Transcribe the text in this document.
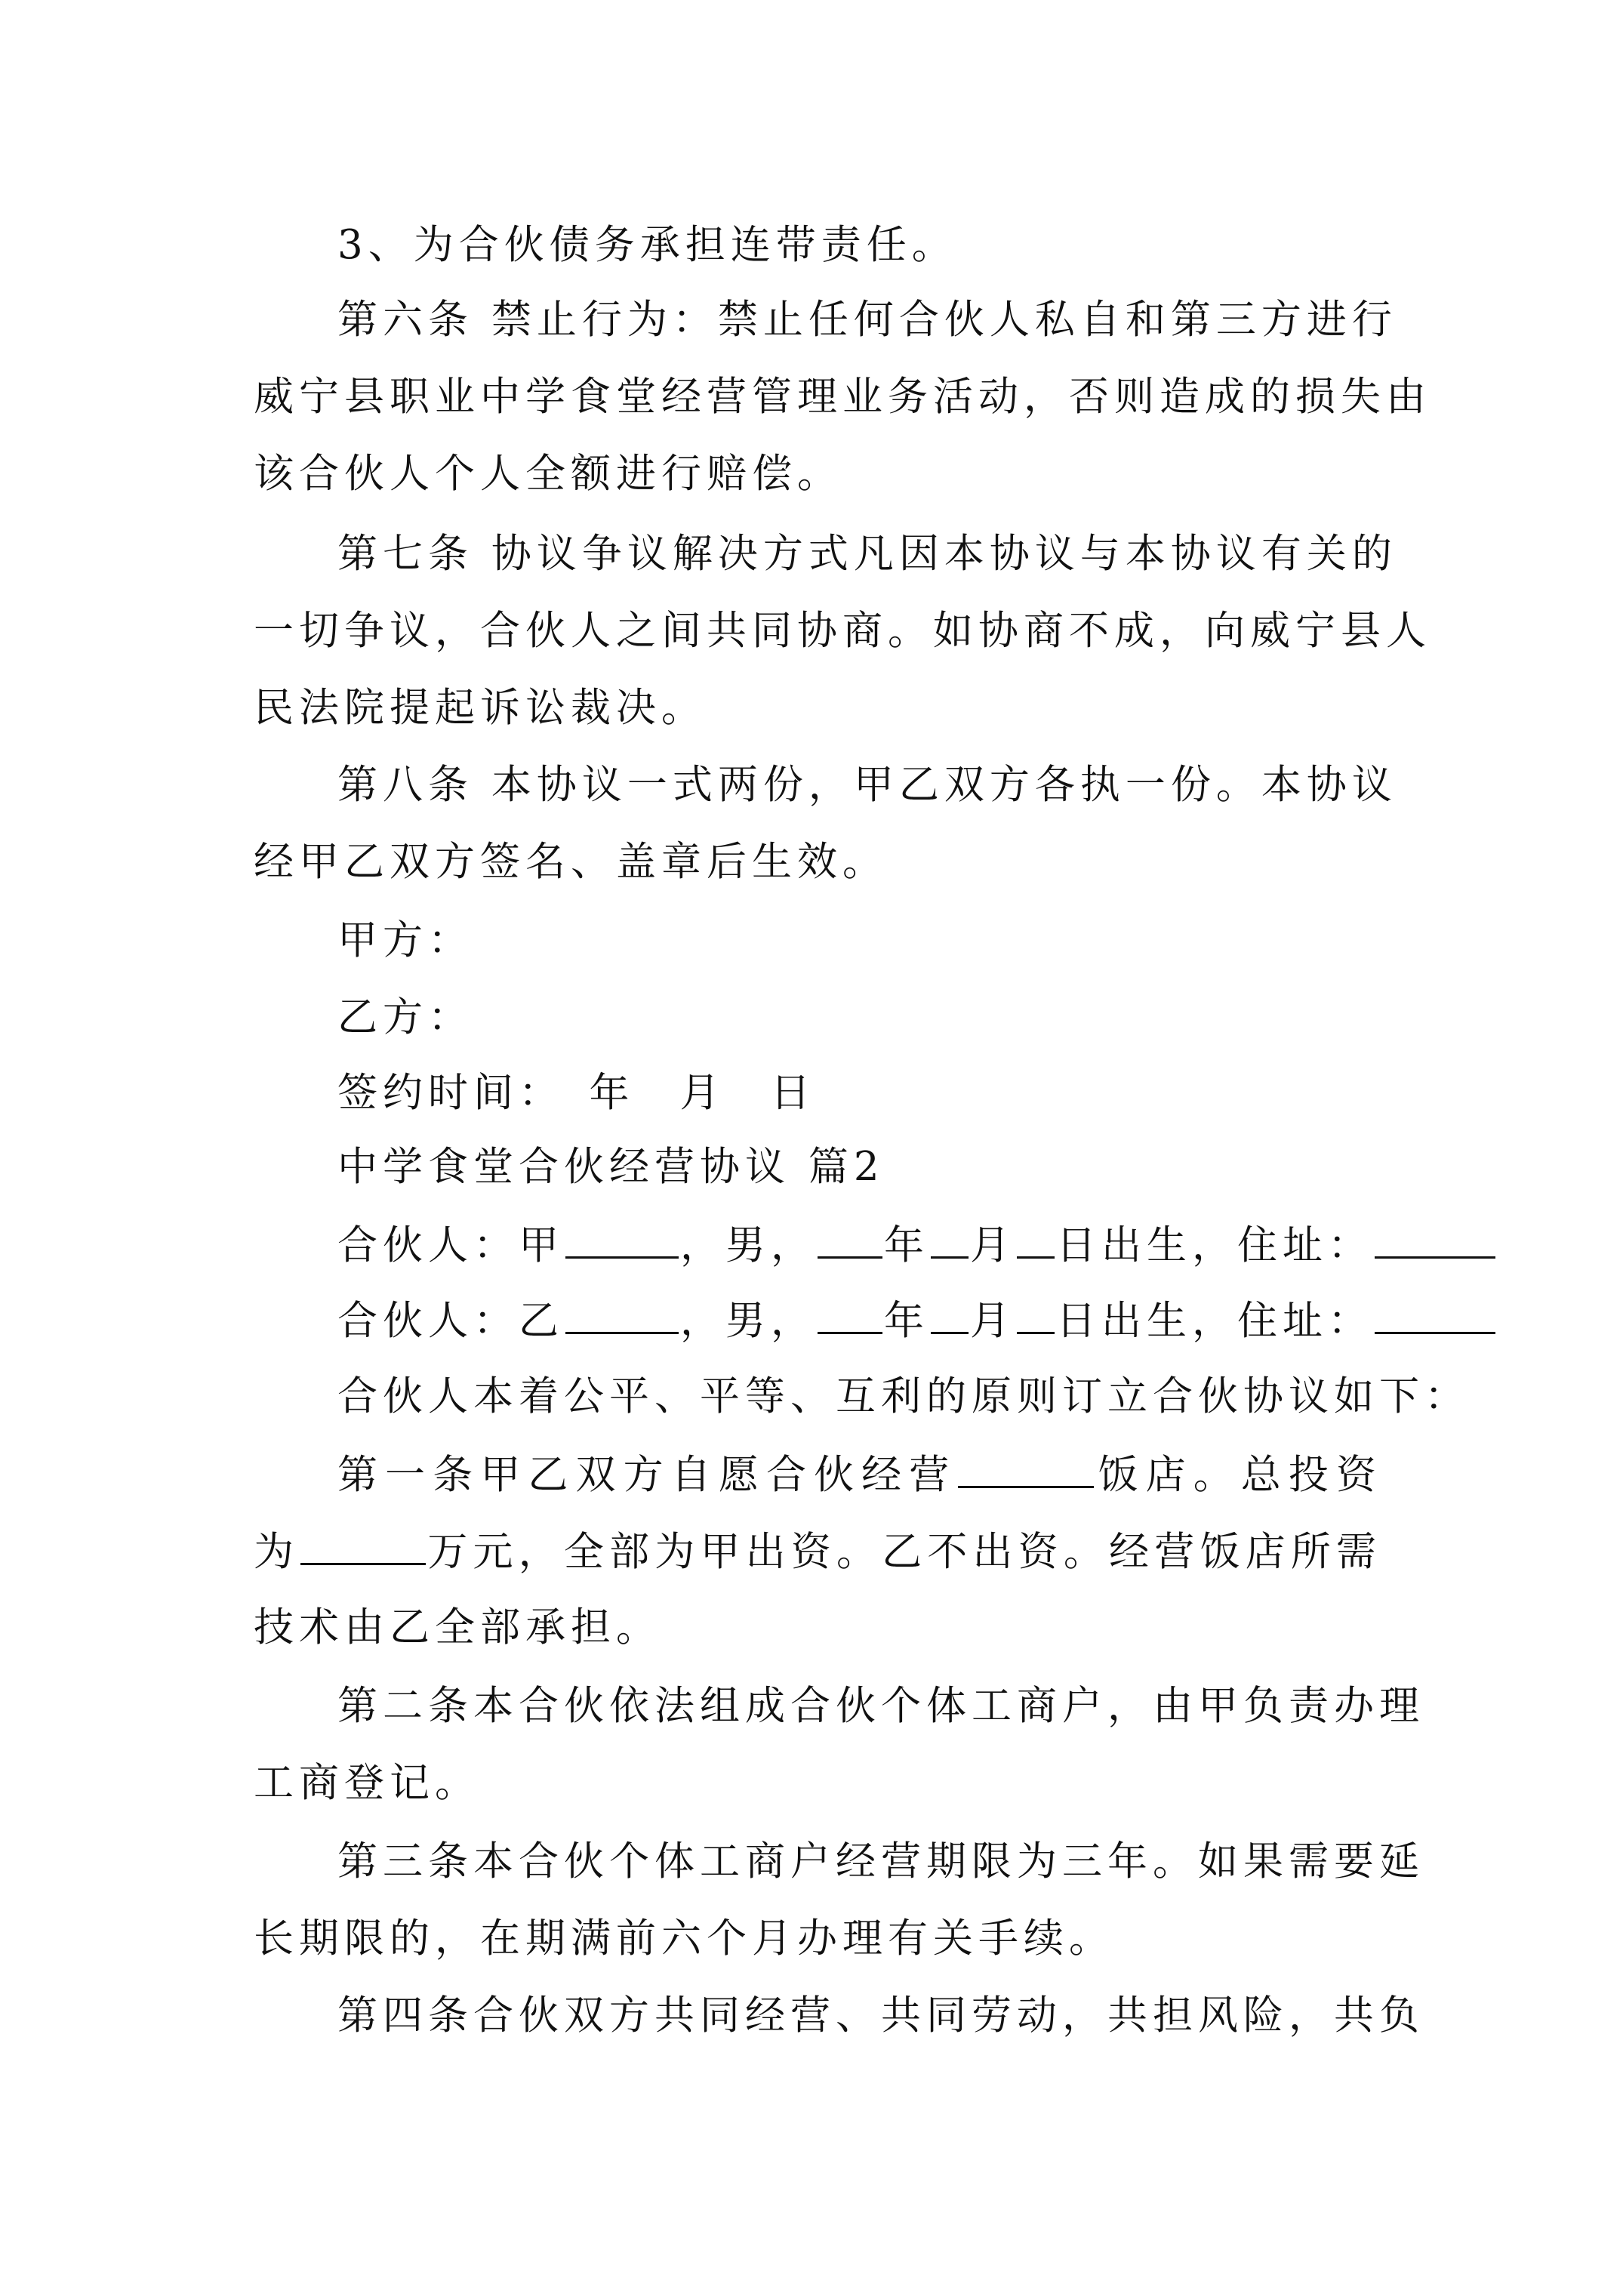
3、为合伙债务承担连带责任。
第六条 禁止行为：禁止任何合伙人私自和第三方进行
威宁县职业中学食堂经营管理业务活动，否则造成的损失由
该合伙人个人全额进行赔偿。
第七条 协议争议解决方式凡因本协议与本协议有关的
一切争议，合伙人之间共同协商。如协商不成，向威宁县人
民法院提起诉讼裁决。
第八条 本协议一式两份，甲乙双方各执一份。本协议
经甲乙双方签名、盖章后生效。
甲方：
乙方：
签约时间：　年　月　日
中学食堂合伙经营协议 篇2
合伙人：甲	，男， 年 月 日出生，住址：
合伙人：乙	，男， 年 月 日出生，住址：
合伙人本着公平、平等、互利的原则订立合伙协议如下：
第一条甲乙双方自愿合伙经营	饭店。总投资
为	万元，全部为甲出资。乙不出资。经营饭店所需
技术由乙全部承担。
第二条本合伙依法组成合伙个体工商户，由甲负责办理
工商登记。
第三条本合伙个体工商户经营期限为三年。如果需要延
长期限的，在期满前六个月办理有关手续。
第四条合伙双方共同经营、共同劳动，共担风险，共负
